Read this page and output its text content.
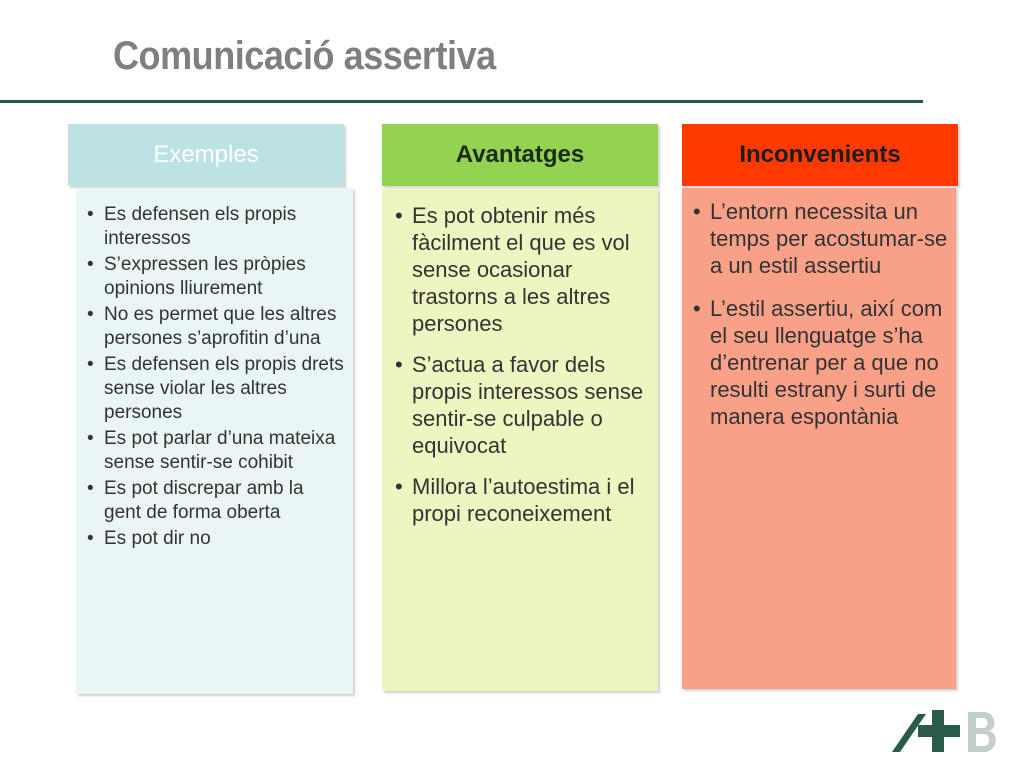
Comunicació assertiva
Exemples
• Es defensen els propis interessos
• S’expressen les pròpies opinions lliurement
• No es permet que les altres persones s’aprofitin d’una
• Es defensen els propis drets sense violar les altres persones
• Es pot parlar d’una mateixa sense sentir-se cohibit
• Es pot discrepar amb la gent de forma oberta
• Es pot dir no
Avantatges
• Es pot obtenir més fàcilment el que es vol sense ocasionar trastorns a les altres persones
• S’actua a favor dels propis interessos sense sentir-se culpable o equivocat
• Millora l’autoestima i el propi reconeixement
Inconvenients
• L’entorn necessita un temps per acostumar-se a un estil assertiu
• L’estil assertiu, així com el seu llenguatge s’ha d’entrenar per a que no resulti estrany i surti de manera espontània
